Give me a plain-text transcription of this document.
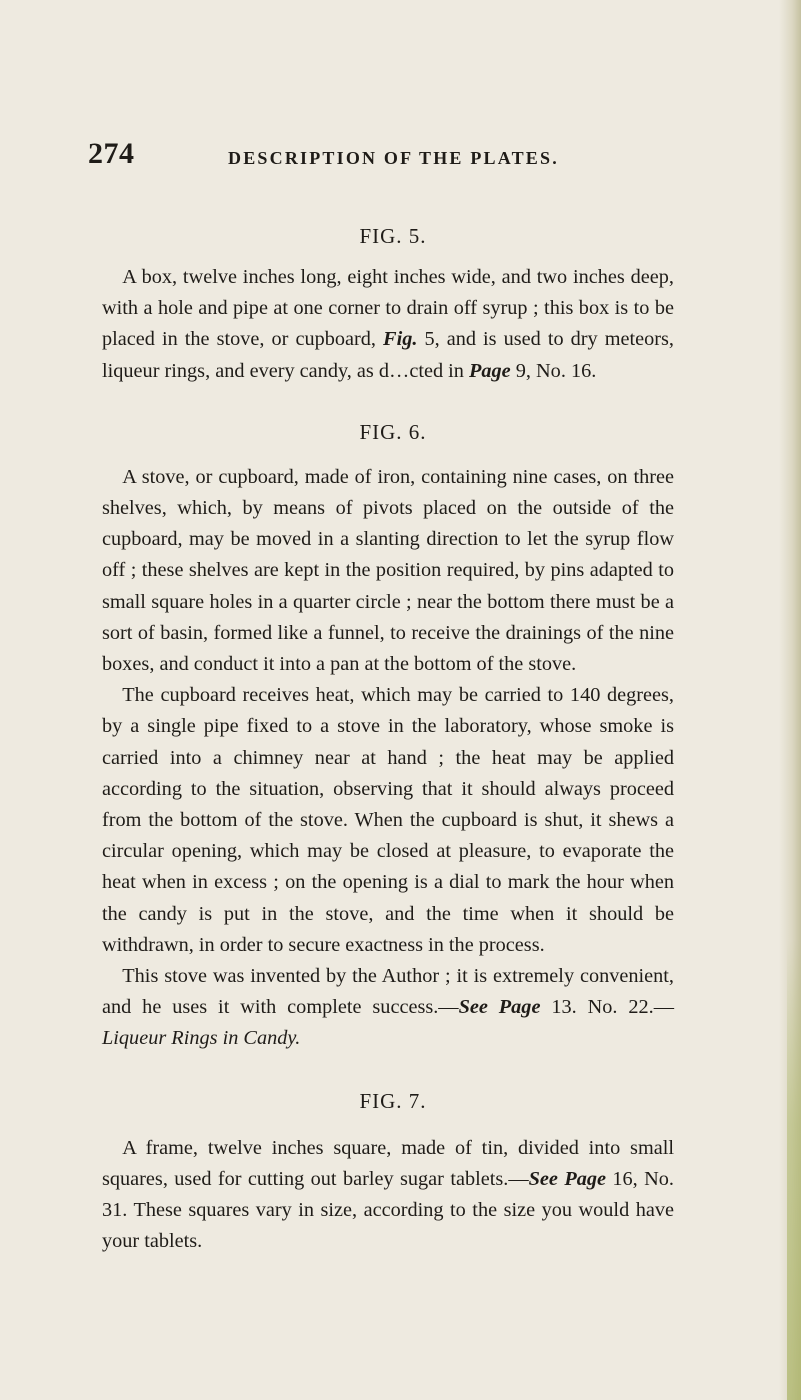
274	DESCRIPTION OF THE PLATES.
FIG. 5.

 A box, twelve inches long, eight inches wide, and two inches deep, with a hole and pipe at one corner to drain off syrup ; this box is to be placed in the stove, or cupboard, Fig. 5, and is used to dry meteors, liqueur rings, and every candy, as d…cted in Page 9, No. 16.

FIG. 6.

 A stove, or cupboard, made of iron, containing nine cases, on three shelves, which, by means of pivots placed on the outside of the cupboard, may be moved in a slanting direction to let the syrup flow off ; these shelves are kept in the position required, by pins adapted to small square holes in a quarter circle ; near the bottom there must be a sort of basin, formed like a funnel, to receive the drainings of the nine boxes, and conduct it into a pan at the bottom of the stove.

 The cupboard receives heat, which may be carried to 140 degrees, by a single pipe fixed to a stove in the laboratory, whose smoke is carried into a chimney near at hand ; the heat may be applied according to the situation, observing that it should always proceed from the bottom of the stove. When the cupboard is shut, it shews a circular opening, which may be closed at pleasure, to evaporate the heat when in excess ; on the opening is a dial to mark the hour when the candy is put in the stove, and the time when it should be withdrawn, in order to secure exactness in the process.

 This stove was invented by the Author ; it is extremely convenient, and he uses it with complete success.—See Page 13. No. 22.—Liqueur Rings in Candy.

FIG. 7.

 A frame, twelve inches square, made of tin, divided into small squares, used for cutting out barley sugar tablets.—See Page 16, No. 31. These squares vary in size, according to the size you would have your tablets.
